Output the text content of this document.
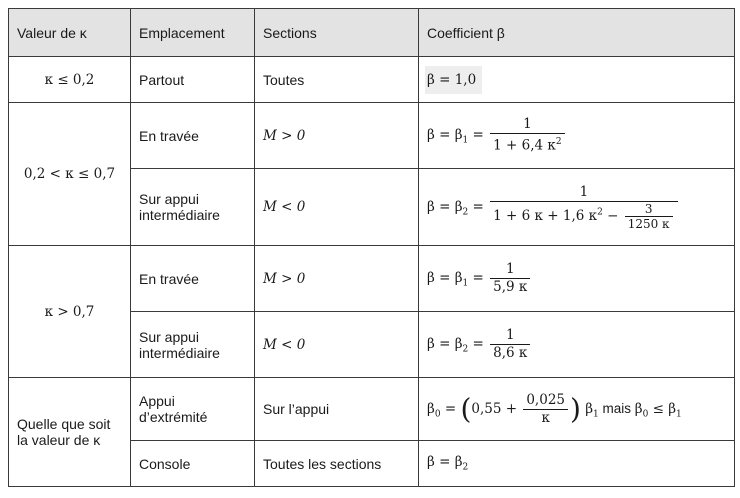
Valeur de κ	Emplacement	Sections	Coefficient β
κ ≤ 0,2	Partout	Toutes	β = 1,0
0,2 < κ ≤ 0,7	En travée	M > 0	$\beta = \beta_1 = \frac{1}{1 + 6,4 \kappa^2}$

	Sur appui intermédiaire	M < 0	$\beta = \beta_2 = \frac{1}{1 + 6 \kappa + 1,6 \kappa^2 - \frac{3}{1250 \kappa}}$

κ > 0,7	En travée	M > 0	$\beta = \beta_1 = \frac{1}{5,9 \kappa}$

	Sur appui intermédiaire	M < 0	$\beta = \beta_2 = \frac{1}{8,6 \kappa}$

Quelle que soit la valeur de κ	Appui d’extrémité	Sur l’appui	$\beta_0 = (0,55 + \frac{0,025}{\kappa}$ ) $\beta_1$ mais $\beta_0 \le \beta_1$
	Console	Toutes les sections	$\beta = \beta_2$
